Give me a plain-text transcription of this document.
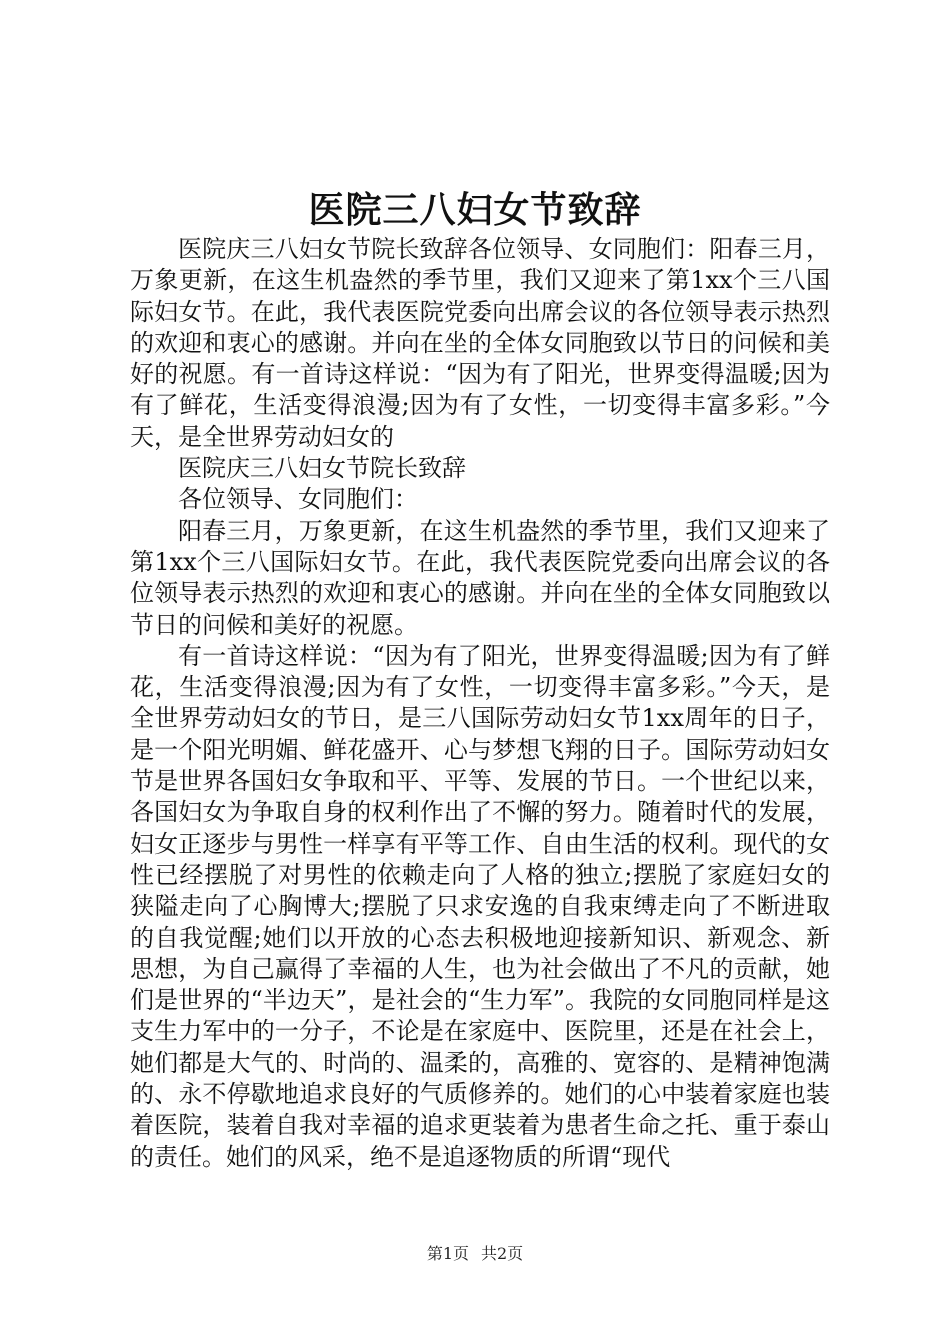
医院三八妇女节致辞

医院庆三八妇女节院长致辞各位领导、女同胞们：阳春三月，万象更新，在这生机盎然的季节里，我们又迎来了第1xx个三八国际妇女节。在此，我代表医院党委向出席会议的各位领导表示热烈的欢迎和衷心的感谢。并向在坐的全体女同胞致以节日的问候和美好的祝愿。有一首诗这样说：“因为有了阳光，世界变得温暖;因为有了鲜花，生活变得浪漫;因为有了女性，一切变得丰富多彩。”今天，是全世界劳动妇女的

医院庆三八妇女节院长致辞

各位领导、女同胞们：

阳春三月，万象更新，在这生机盎然的季节里，我们又迎来了第1xx个三八国际妇女节。在此，我代表医院党委向出席会议的各位领导表示热烈的欢迎和衷心的感谢。并向在坐的全体女同胞致以节日的问候和美好的祝愿。

有一首诗这样说：“因为有了阳光，世界变得温暖;因为有了鲜花，生活变得浪漫;因为有了女性，一切变得丰富多彩。”今天，是全世界劳动妇女的节日，是三八国际劳动妇女节1xx周年的日子，是一个阳光明媚、鲜花盛开、心与梦想飞翔的日子。国际劳动妇女节是世界各国妇女争取和平、平等、发展的节日。一个世纪以来，各国妇女为争取自身的权利作出了不懈的努力。随着时代的发展，妇女正逐步与男性一样享有平等工作、自由生活的权利。现代的女性已经摆脱了对男性的依赖走向了人格的独立;摆脱了家庭妇女的狭隘走向了心胸博大;摆脱了只求安逸的自我束缚走向了不断进取的自我觉醒;她们以开放的心态去积极地迎接新知识、新观念、新思想，为自己赢得了幸福的人生，也为社会做出了不凡的贡献，她们是世界的“半边天”，是社会的“生力军”。我院的女同胞同样是这支生力军中的一分子，不论是在家庭中、医院里，还是在社会上，她们都是大气的、时尚的、温柔的，高雅的、宽容的、是精神饱满的、永不停歇地追求良好的气质修养的。她们的心中装着家庭也装着医院，装着自我对幸福的追求更装着为患者生命之托、重于泰山的责任。她们的风采，绝不是追逐物质的所谓“现代

第1页 共2页
